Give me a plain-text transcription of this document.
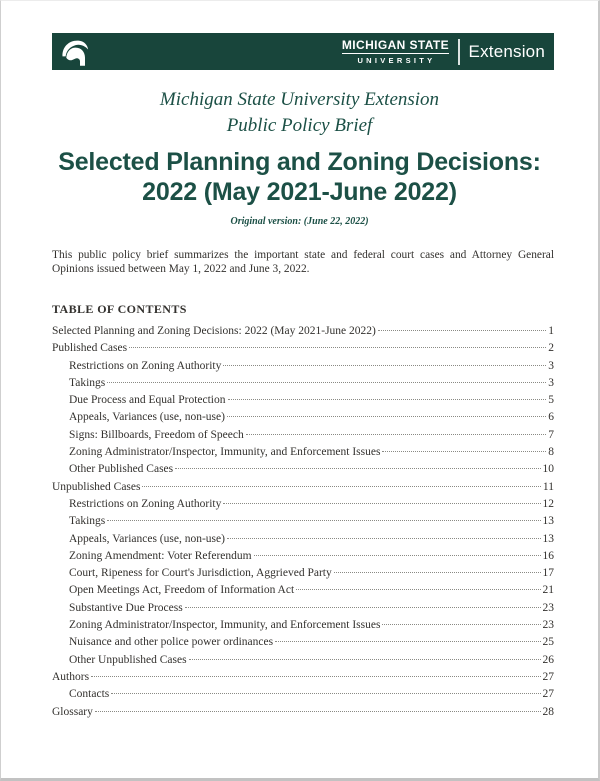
MICHIGAN STATE
UNIVERSITY	Extension
Michigan State University Extension
Public Policy Brief
Selected Planning and Zoning Decisions:
2022 (May 2021-June 2022)
Original version: (June 22, 2022)

This public policy brief summarizes the important state and federal court cases and Attorney General Opinions issued between May 1, 2022 and June 3, 2022.

TABLE OF CONTENTS
Selected Planning and Zoning Decisions: 2022 (May 2021-June 2022)	1
Published Cases	2
Restrictions on Zoning Authority	3
Takings	3
Due Process and Equal Protection	5
Appeals, Variances (use, non-use)	6
Signs: Billboards, Freedom of Speech	7
Zoning Administrator/Inspector, Immunity, and Enforcement Issues	8
Other Published Cases	10
Unpublished Cases	11
Restrictions on Zoning Authority	12
Takings	13
Appeals, Variances (use, non-use)	13
Zoning Amendment: Voter Referendum	16
Court, Ripeness for Court's Jurisdiction, Aggrieved Party	17
Open Meetings Act, Freedom of Information Act	21
Substantive Due Process	23
Zoning Administrator/Inspector, Immunity, and Enforcement Issues	23
Nuisance and other police power ordinances	25
Other Unpublished Cases	26
Authors	27
Contacts	27
Glossary	28
